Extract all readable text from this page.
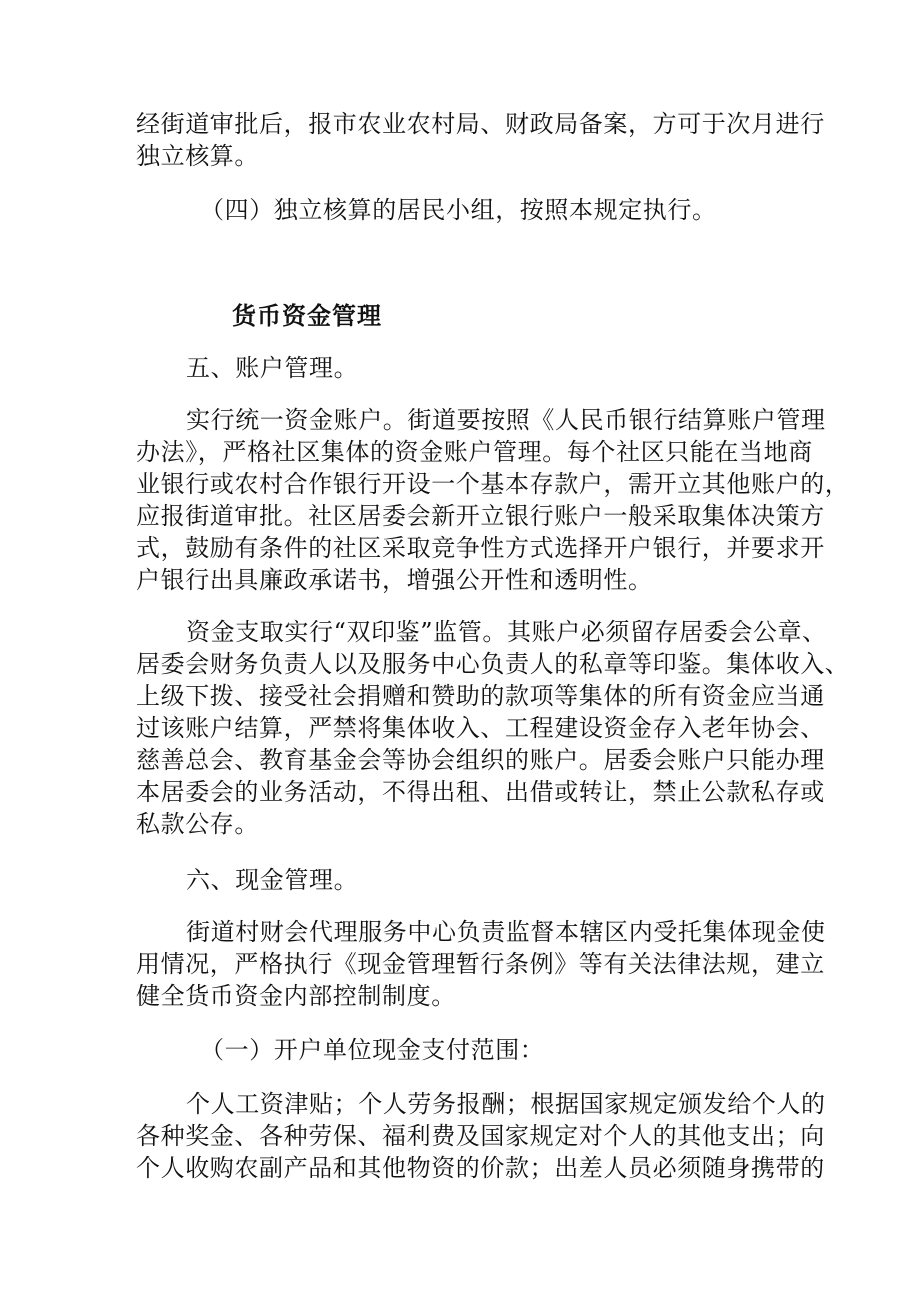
经街道审批后，报市农业农村局、财政局备案，方可于次月进行
独立核算。
（四）独立核算的居民小组，按照本规定执行。
货币资金管理
五、账户管理。
实行统一资金账户。街道要按照《人民币银行结算账户管理
办法》，严格社区集体的资金账户管理。每个社区只能在当地商
业银行或农村合作银行开设一个基本存款户，需开立其他账户的，
应报街道审批。社区居委会新开立银行账户一般采取集体决策方
式，鼓励有条件的社区采取竞争性方式选择开户银行，并要求开
户银行出具廉政承诺书，增强公开性和透明性。
资金支取实行“双印鉴”监管。其账户必须留存居委会公章、
居委会财务负责人以及服务中心负责人的私章等印鉴。集体收入、
上级下拨、接受社会捐赠和赞助的款项等集体的所有资金应当通
过该账户结算，严禁将集体收入、工程建设资金存入老年协会、
慈善总会、教育基金会等协会组织的账户。居委会账户只能办理
本居委会的业务活动，不得出租、出借或转让，禁止公款私存或
私款公存。
六、现金管理。
街道村财会代理服务中心负责监督本辖区内受托集体现金使
用情况，严格执行《现金管理暂行条例》等有关法律法规，建立
健全货币资金内部控制制度。
（一）开户单位现金支付范围：
个人工资津贴；个人劳务报酬；根据国家规定颁发给个人的
各种奖金、各种劳保、福利费及国家规定对个人的其他支出；向
个人收购农副产品和其他物资的价款；出差人员必须随身携带的
